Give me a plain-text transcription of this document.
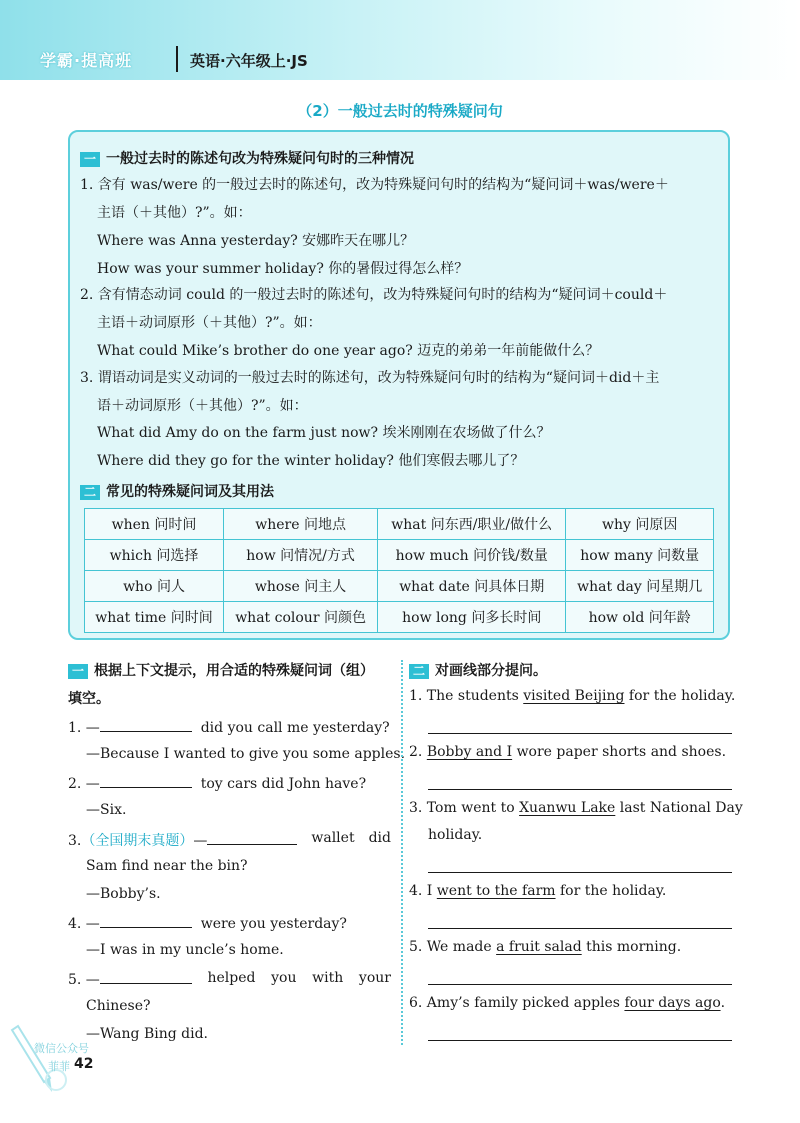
学霸·提高班	英语·六年级上·JS
（2）一般过去时的特殊疑问句
一 一般过去时的陈述句改为特殊疑问句时的三种情况
1. 含有 was/were 的一般过去时的陈述句，改为特殊疑问句时的结构为“疑问词＋was/were＋
主语（＋其他）?”。如：
Where was Anna yesterday? 安娜昨天在哪儿？
How was your summer holiday? 你的暑假过得怎么样？
2. 含有情态动词 could 的一般过去时的陈述句，改为特殊疑问句时的结构为“疑问词＋could＋
主语＋动词原形（＋其他）?”。如：
What could Mike’s brother do one year ago? 迈克的弟弟一年前能做什么？
3. 谓语动词是实义动词的一般过去时的陈述句，改为特殊疑问句时的结构为“疑问词＋did＋主
语＋动词原形（＋其他）?”。如：
What did Amy do on the farm just now? 埃米刚刚在农场做了什么？
Where did they go for the winter holiday? 他们寒假去哪儿了？
二 常见的特殊疑问词及其用法
when 问时间	where 问地点	what 问东西/职业/做什么	why 问原因
which 问选择	how 问情况/方式	how much 问价钱/数量	how many 问数量
who 问人	whose 问主人	what date 问具体日期	what day 问星期几
what time 问时间	what colour 问颜色	how long 问多长时间	how old 问年龄
一 根据上下文提示，用合适的特殊疑问词（组）
填空。
1. —	did you call me yesterday?
—Because I wanted to give you some apples.
2. —	toy cars did John have?
—Six.
3.（全国期末真题）—	wallet did
Sam find near the bin?
—Bobby’s.
4. —	were you yesterday?
—I was in my uncle’s home.
5. —	helped you with your
Chinese?
—Wang Bing did.
二 对画线部分提问。
1. The students visited Beijing for the holiday.
2. Bobby and I wore paper shorts and shoes.
3. Tom went to Xuanwu Lake last National Day
holiday.
4. I went to the farm for the holiday.
5. We made a fruit salad this morning.
6. Amy’s family picked apples four days ago.
微信公众号
菲菲 42
